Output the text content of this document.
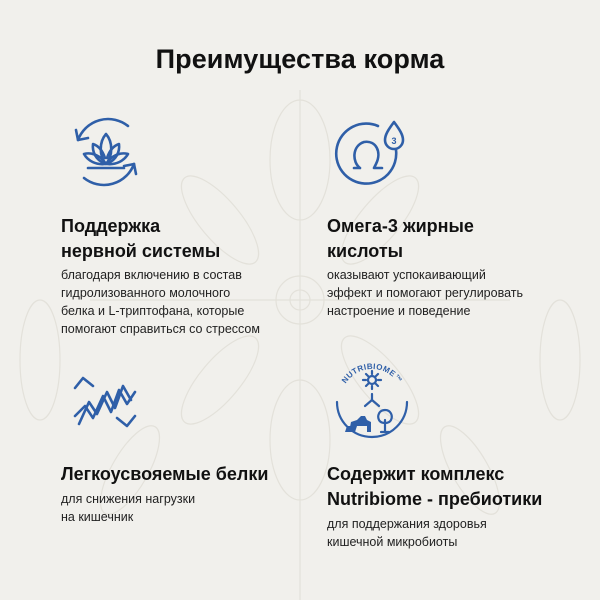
Преимущества корма
Поддержка
нервной системы
благодаря включению в состав
гидролизованного молочного
белка и L-триптофана, которые
помогают справиться со стрессом
3
Омега-3 жирные
кислоты
оказывают успокаивающий
эффект и помогают регулировать
настроение и поведение
Легкоусвояемые белки
для снижения нагрузки
на кишечник
NUTRIBIOME™
Содержит комплекс
Nutribiome - пребиотики
для поддержания здоровья
кишечной микробиоты
